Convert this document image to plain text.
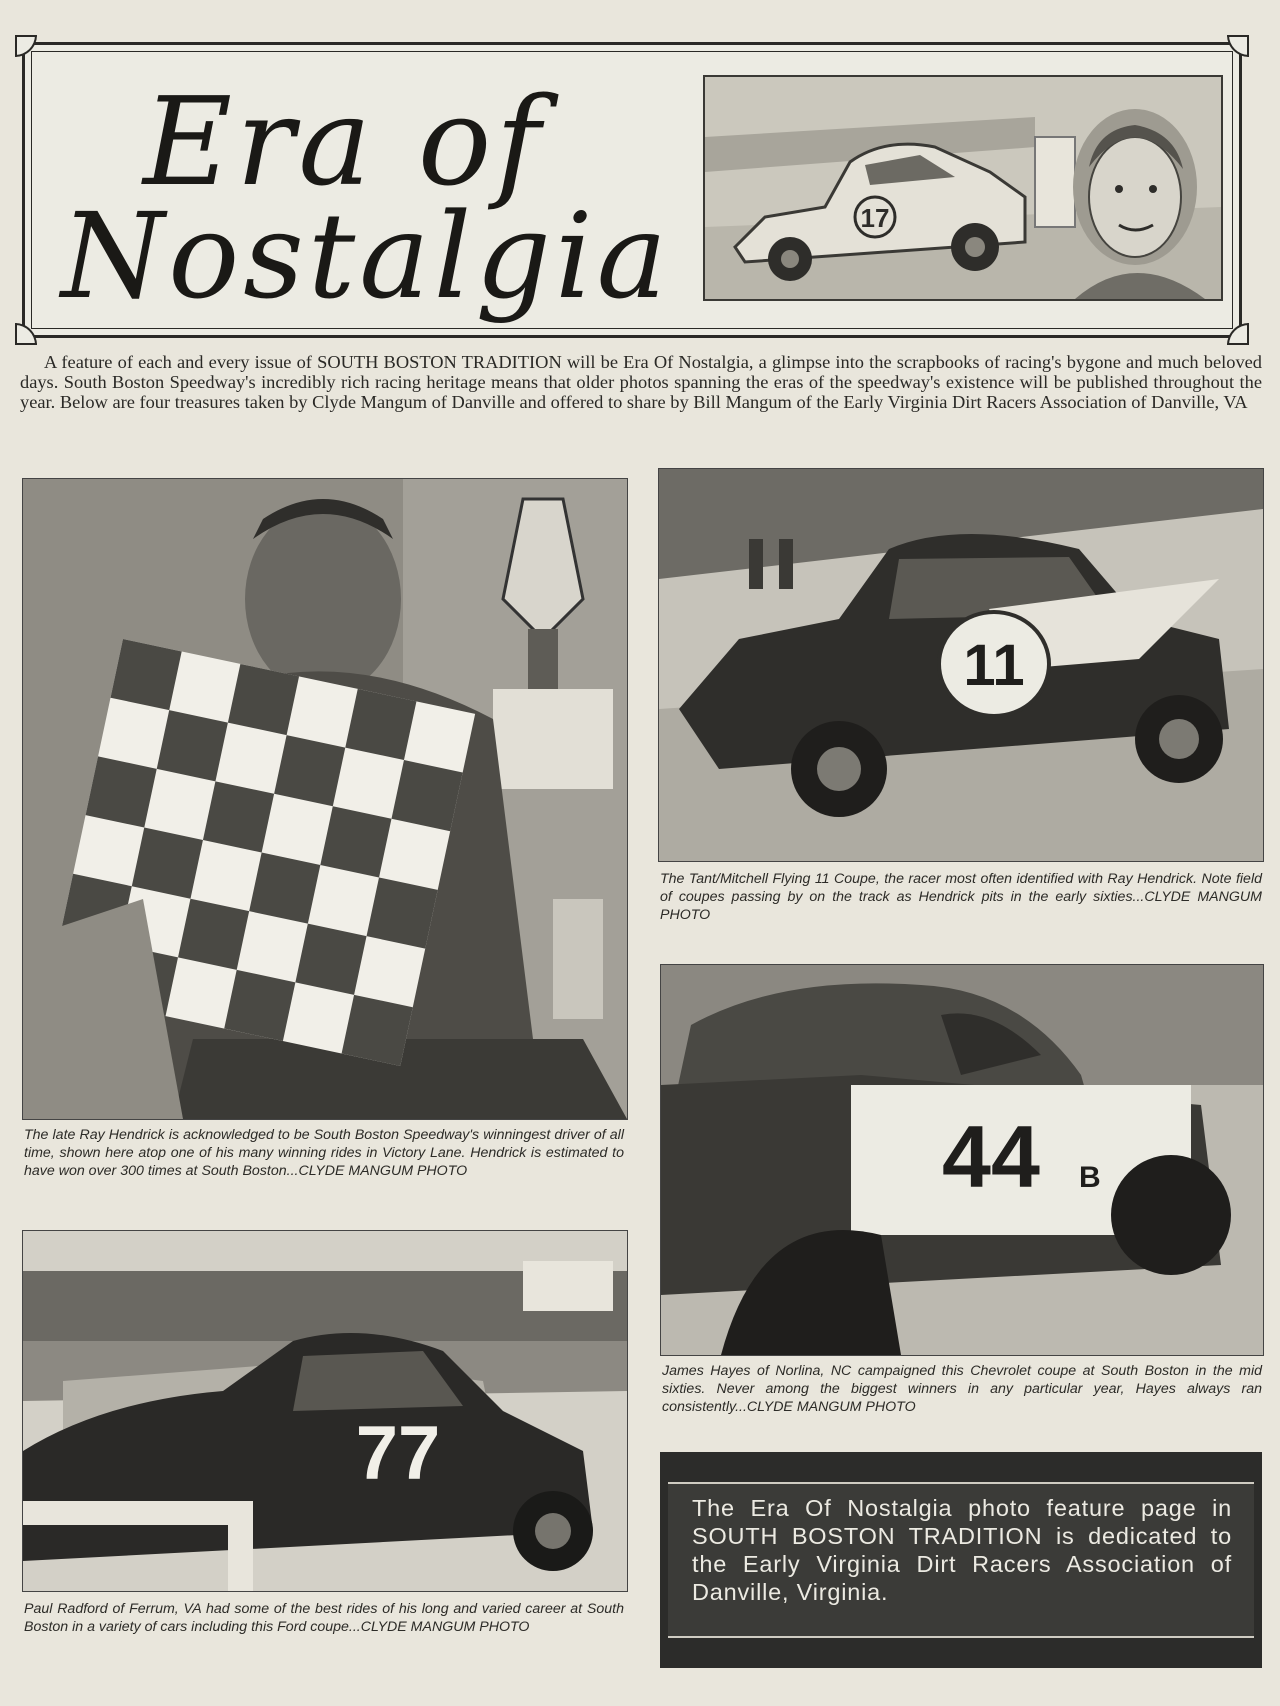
Era of
Nostalgia	17

A feature of each and every issue of SOUTH BOSTON TRADITION will be Era Of Nostalgia, a glimpse into the scrapbooks of racing's bygone and much beloved days. South Boston Speedway's incredibly rich racing heritage means that older photos spanning the eras of the speedway's existence will be published throughout the year. Below are four treasures taken by Clyde Mangum of Danville and offered to share by Bill Mangum of the Early Virginia Dirt Racers Association of Danville, VA

The late Ray Hendrick is acknowledged to be South Boston Speedway's winningest driver of all time, shown here atop one of his many winning rides in Victory Lane. Hendrick is estimated to have won over 300 times at South Boston...CLYDE MANGUM PHOTO

11

The Tant/Mitchell Flying 11 Coupe, the racer most often identified with Ray Hendrick. Note field of coupes passing by on the track as Hendrick pits in the early sixties...CLYDE MANGUM PHOTO

44 B

James Hayes of Norlina, NC campaigned this Chevrolet coupe at South Boston in the mid sixties. Never among the biggest winners in any particular year, Hayes always ran consistently...CLYDE MANGUM PHOTO

77

Paul Radford of Ferrum, VA had some of the best rides of his long and varied career at South Boston in a variety of cars including this Ford coupe...CLYDE MANGUM PHOTO

The Era Of Nostalgia photo feature page in SOUTH BOSTON TRADITION is dedicated to the Early Virginia Dirt Racers Association of Danville, Virginia.
